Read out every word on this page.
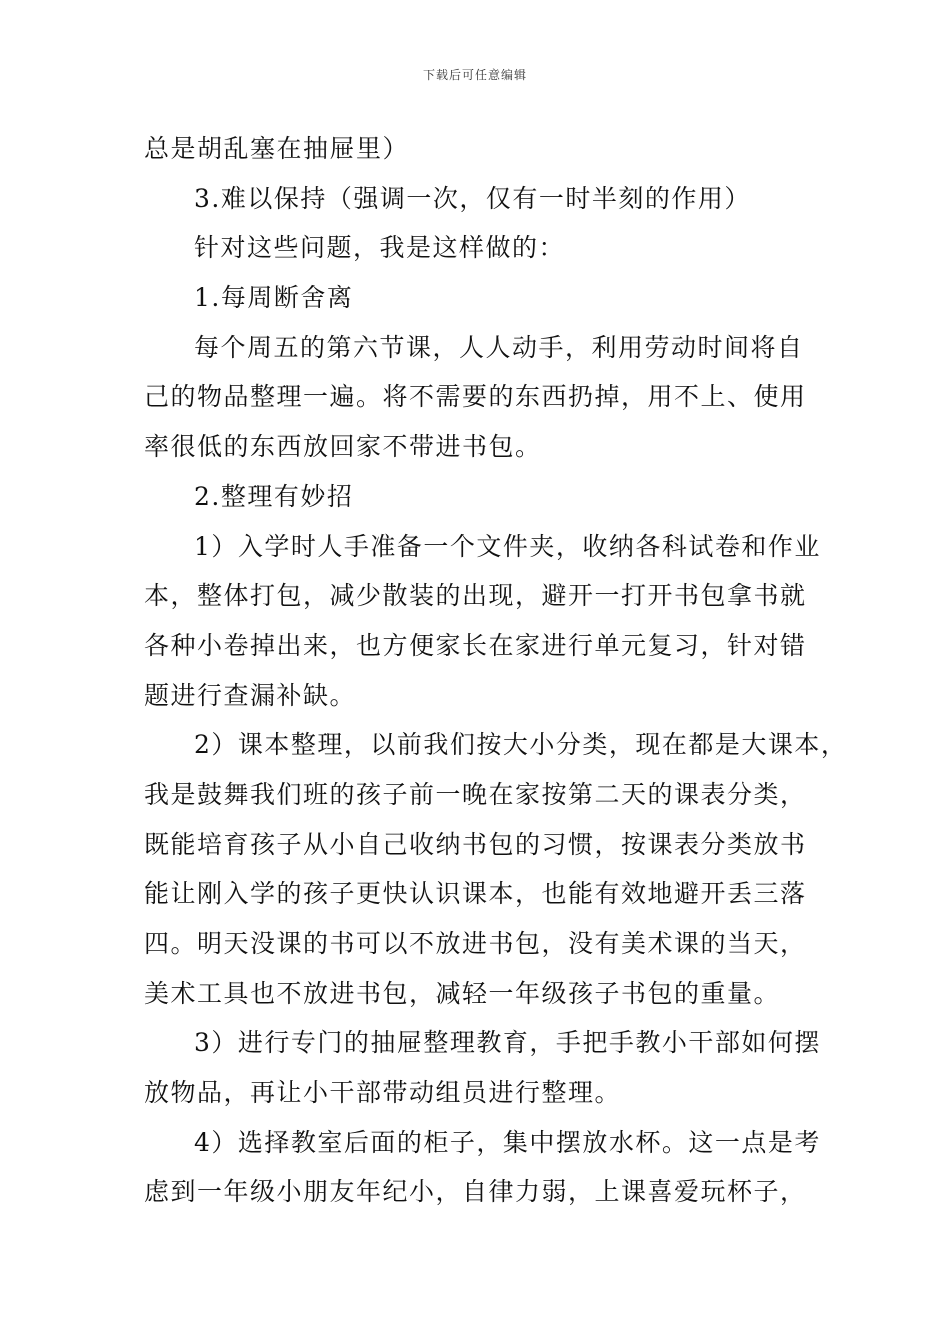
下载后可任意编辑
总是胡乱塞在抽屉里）
3.难以保持（强调一次，仅有一时半刻的作用）
针对这些问题，我是这样做的：
1.每周断舍离
每个周五的第六节课，人人动手，利用劳动时间将自
己的物品整理一遍。将不需要的东西扔掉，用不上、使用
率很低的东西放回家不带进书包。
2.整理有妙招
1）入学时人手准备一个文件夹，收纳各科试卷和作业
本，整体打包，减少散装的出现，避开一打开书包拿书就
各种小卷掉出来，也方便家长在家进行单元复习，针对错
题进行查漏补缺。
2）课本整理，以前我们按大小分类，现在都是大课本，
我是鼓舞我们班的孩子前一晚在家按第二天的课表分类，
既能培育孩子从小自己收纳书包的习惯，按课表分类放书
能让刚入学的孩子更快认识课本，也能有效地避开丢三落
四。明天没课的书可以不放进书包，没有美术课的当天，
美术工具也不放进书包，减轻一年级孩子书包的重量。
3）进行专门的抽屉整理教育，手把手教小干部如何摆
放物品，再让小干部带动组员进行整理。
4）选择教室后面的柜子，集中摆放水杯。这一点是考
虑到一年级小朋友年纪小，自律力弱，上课喜爱玩杯子，
